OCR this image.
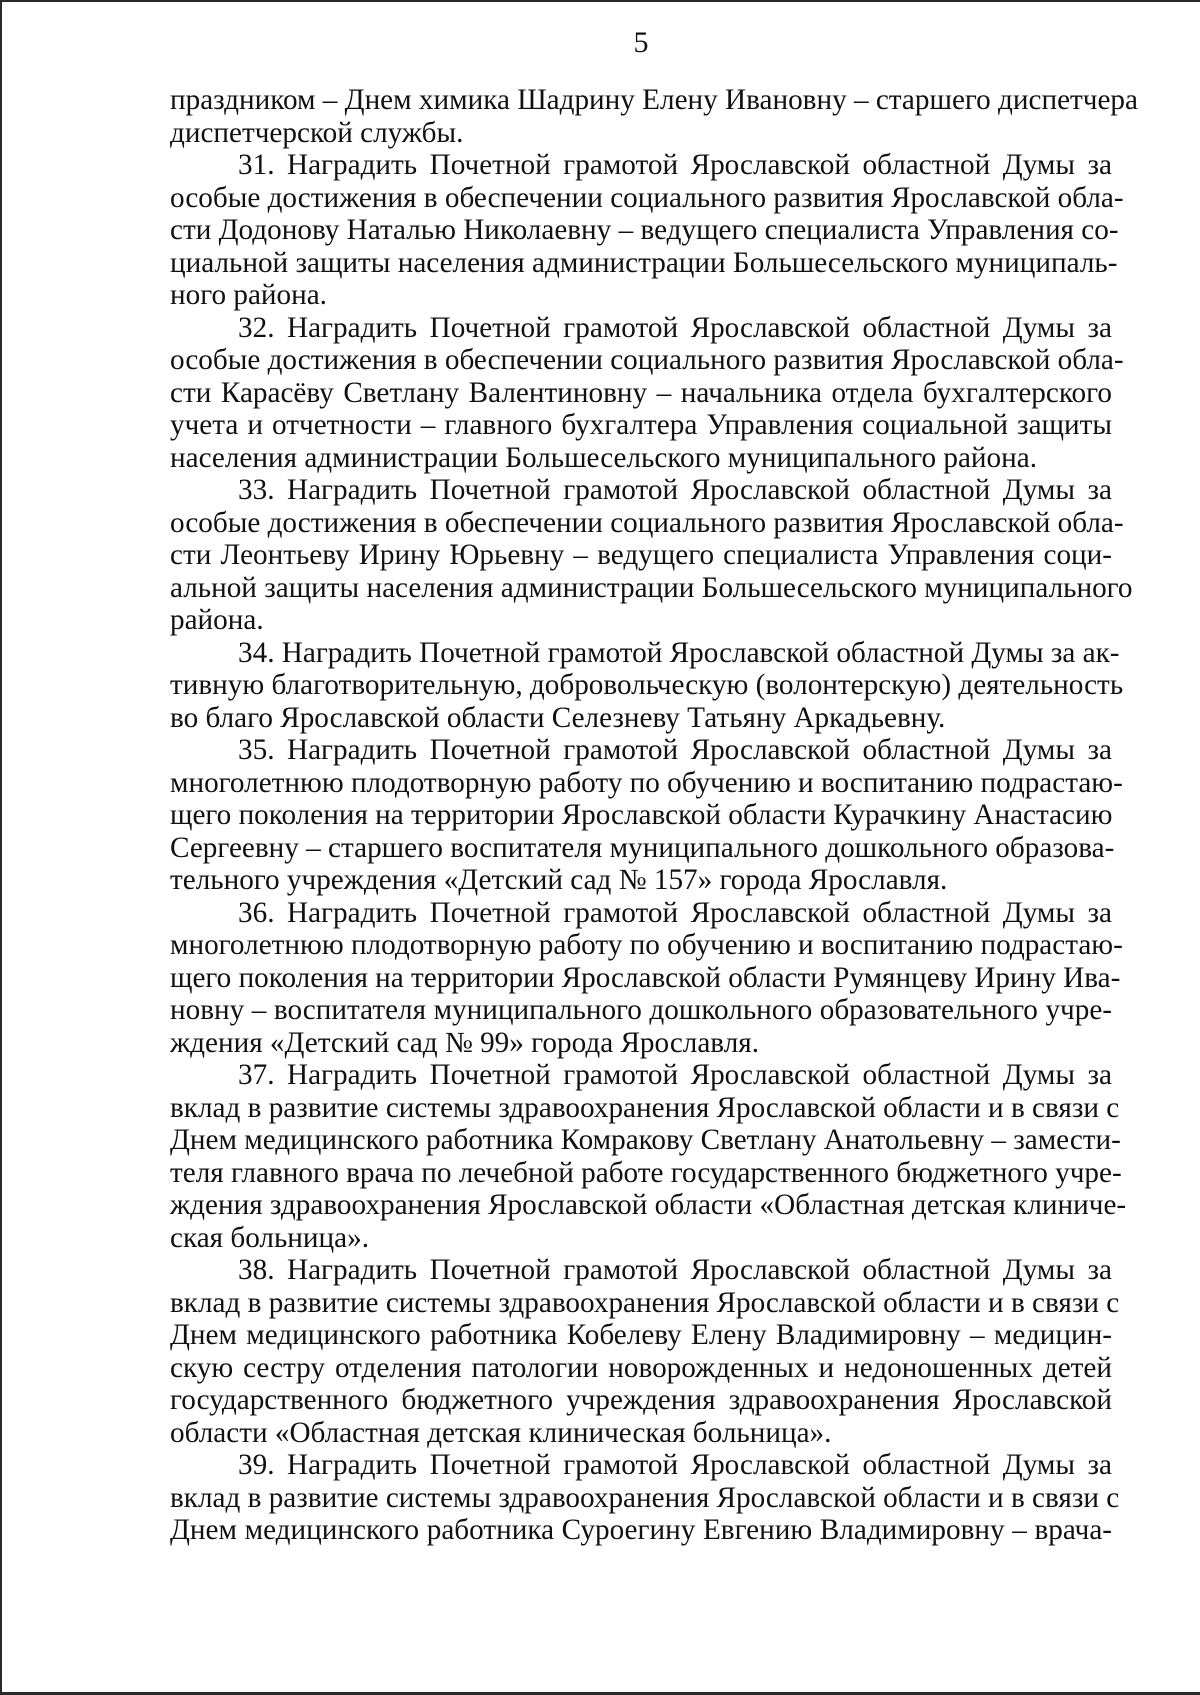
5
праздником – Днем химика Шадрину Елену Ивановну – старшего диспетчера
диспетчерской службы.
31. Наградить Почетной грамотой Ярославской областной Думы за
особые достижения в обеспечении социального развития Ярославской обла-
сти Додонову Наталью Николаевну – ведущего специалиста Управления со-
циальной защиты населения администрации Большесельского муниципаль-
ного района.
32. Наградить Почетной грамотой Ярославской областной Думы за
особые достижения в обеспечении социального развития Ярославской обла-
сти Карасёву Светлану Валентиновну – начальника отдела бухгалтерского
учета и отчетности – главного бухгалтера Управления социальной защиты
населения администрации Большесельского муниципального района.
33. Наградить Почетной грамотой Ярославской областной Думы за
особые достижения в обеспечении социального развития Ярославской обла-
сти Леонтьеву Ирину Юрьевну – ведущего специалиста Управления соци-
альной защиты населения администрации Большесельского муниципального
района.
34. Наградить Почетной грамотой Ярославской областной Думы за ак-
тивную благотворительную, добровольческую (волонтерскую) деятельность
во благо Ярославской области Селезневу Татьяну Аркадьевну.
35. Наградить Почетной грамотой Ярославской областной Думы за
многолетнюю плодотворную работу по обучению и воспитанию подрастаю-
щего поколения на территории Ярославской области Курачкину Анастасию
Сергеевну – старшего воспитателя муниципального дошкольного образова-
тельного учреждения «Детский сад № 157» города Ярославля.
36. Наградить Почетной грамотой Ярославской областной Думы за
многолетнюю плодотворную работу по обучению и воспитанию подрастаю-
щего поколения на территории Ярославской области Румянцеву Ирину Ива-
новну – воспитателя муниципального дошкольного образовательного учре-
ждения «Детский сад № 99» города Ярославля.
37. Наградить Почетной грамотой Ярославской областной Думы за
вклад в развитие системы здравоохранения Ярославской области и в связи с
Днем медицинского работника Комракову Светлану Анатольевну – замести-
теля главного врача по лечебной работе государственного бюджетного учре-
ждения здравоохранения Ярославской области «Областная детская клиниче-
ская больница».
38. Наградить Почетной грамотой Ярославской областной Думы за
вклад в развитие системы здравоохранения Ярославской области и в связи с
Днем медицинского работника Кобелеву Елену Владимировну – медицин-
скую сестру отделения патологии новорожденных и недоношенных детей
государственного бюджетного учреждения здравоохранения Ярославской
области «Областная детская клиническая больница».
39. Наградить Почетной грамотой Ярославской областной Думы за
вклад в развитие системы здравоохранения Ярославской области и в связи с
Днем медицинского работника Суроегину Евгению Владимировну – врача-
